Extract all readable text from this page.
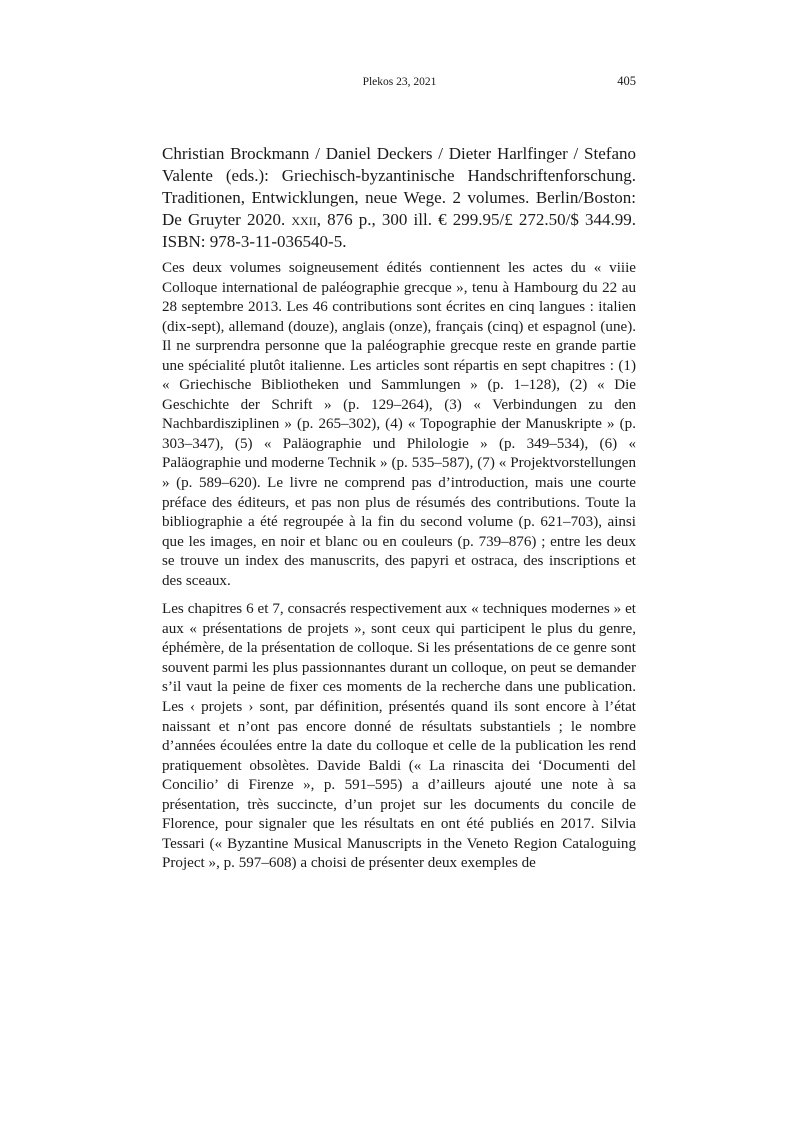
Plekos 23, 2021	405
Christian Brockmann / Daniel Deckers / Dieter Harlfinger / Stefano Valente (eds.): Griechisch-byzantinische Handschriftenforschung. Traditionen, Entwicklungen, neue Wege. 2 volumes. Berlin/Boston: De Gruyter 2020. xxii, 876 p., 300 ill. € 299.95/£ 272.50/$ 344.99. ISBN: 978-3-11-036540-5.

Ces deux volumes soigneusement édités contiennent les actes du « viiie Colloque international de paléographie grecque », tenu à Hambourg du 22 au 28 septembre 2013. Les 46 contributions sont écrites en cinq langues : italien (dix-sept), allemand (douze), anglais (onze), français (cinq) et espagnol (une). Il ne surprendra personne que la paléographie grecque reste en grande partie une spécialité plutôt italienne. Les articles sont répartis en sept chapitres : (1) « Griechische Bibliotheken und Sammlungen » (p. 1–128), (2) « Die Geschichte der Schrift » (p. 129–264), (3) « Verbindungen zu den Nachbardisziplinen » (p. 265–302), (4) « Topographie der Manuskripte » (p. 303–347), (5) « Paläographie und Philologie » (p. 349–534), (6) « Paläographie und moderne Technik » (p. 535–587), (7) « Projektvorstellungen » (p. 589–620). Le livre ne comprend pas d’introduction, mais une courte préface des éditeurs, et pas non plus de résumés des contributions. Toute la bibliographie a été regroupée à la fin du second volume (p. 621–703), ainsi que les images, en noir et blanc ou en couleurs (p. 739–876) ; entre les deux se trouve un index des manuscrits, des papyri et ostraca, des inscriptions et des sceaux.

Les chapitres 6 et 7, consacrés respectivement aux « techniques modernes » et aux « présentations de projets », sont ceux qui participent le plus du genre, éphémère, de la présentation de colloque. Si les présentations de ce genre sont souvent parmi les plus passionnantes durant un colloque, on peut se demander s’il vaut la peine de fixer ces moments de la recherche dans une publication. Les ‹ projets › sont, par définition, présentés quand ils sont encore à l’état naissant et n’ont pas encore donné de résultats substantiels ; le nombre d’années écoulées entre la date du colloque et celle de la publication les rend pratiquement obsolètes. Davide Baldi (« La rinascita dei ‘Documenti del Concilio’ di Firenze », p. 591–595) a d’ailleurs ajouté une note à sa présentation, très succincte, d’un projet sur les documents du concile de Florence, pour signaler que les résultats en ont été publiés en 2017. Silvia Tessari (« Byzantine Musical Manuscripts in the Veneto Region Cataloguing Project », p. 597–608) a choisi de présenter deux exemples de
